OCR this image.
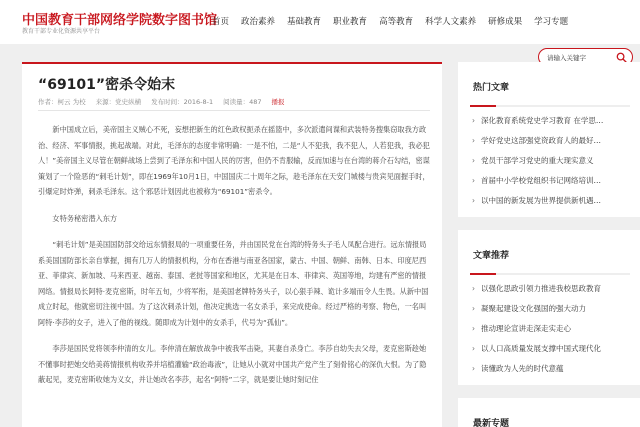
中国教育干部网络学院数字图书馆
教育干部专业化资源共享平台
首页 政治素养 基础教育 职业教育 高等教育 科学人文素养 研修成果 学习专题
请输入关键字
“69101”密杀令始末
作者：柯云 为校 来源：党史纵横 发布时间：2016-8-1 阅读量：487 播报

新中国成立后，美帝国主义贼心不死，妄想把新生的红色政权扼杀在摇篮中，多次派遣间谍和武装特务搜集窃取我方政治、经济、军事情报，挑起战端。对此，毛泽东的态度非常明确：一是不怕，二是“人不犯我，我不犯人，人若犯我，我必犯人！”美帝国主义尽管在朝鲜战场上尝到了毛泽东和中国人民的厉害，但仍不肯服输，反而加速与在台湾的蒋介石勾结，密谋策划了一个险恶的“刺毛计划”，即在1969年10月1日，中国国庆二十周年之际，趁毛泽东在天安门城楼与贵宾见面握手时，引爆定时炸弹，刺杀毛泽东。这个邪恶计划因此也被称为“69101”密杀令。

女特务秘密潜入东方

“刺毛计划”是美国国防部交给远东情报局的一项重要任务，并由国民党在台湾的特务头子毛人凤配合进行。远东情报局系美国国防部长亲自掌握，拥有几万人的情报机构，分布在香港与南亚各国家，蒙古、中国、朝鲜、南韩、日本、印度尼西亚、菲律宾、新加坡、马来西亚、越南、泰国、老挝等国家和地区，尤其是在日本、菲律宾、英国等地，均建有严密的情报网络。情报局长阿特·麦克密斯，时年五旬，少将军衔，是美国老牌特务头子，以心狠手辣、诡计多端而令人生畏。从新中国成立时起，他就密切注视中国。为了这次刺杀计划，他决定挑选一名女杀手，来完成使命。经过严格的考察、物色，一名叫阿特·李莎的女子，进入了他的视线。随即成为计划中的女杀手，代号为“孤仙”。

李莎是国民党将领李仲清的女儿。李仲清在解放战争中被我军击毙，其妻自杀身亡。李莎自幼失去父母，麦克密斯趁她不懂事时把她交给美蒋情报机构收养并培植灌输“政治毒液”，让她从小就对中国共产党产生了刻骨铭心的深仇大恨。为了隐蔽起见，麦克密斯收她为义女，并让她改名李莎，起名“阿特”二字，就是要让她时刻记住

热门文章
› 深化教育系统党史学习教育 在学思…
› 学好党史这部强党资政育人的最好…
› 党员干部学习党史的重大现实意义
› 首届中小学校党组织书记网络培训…
› 以中国的新发展为世界提供新机遇…
文章推荐
› 以强化思政引领力推进我校思政教育
› 凝聚起建设文化强国的强大动力
› 推动理论宣讲走深走实走心
› 以人口高质量发展支撑中国式现代化
› 读懂政为人先的时代意蕴
最新专题
